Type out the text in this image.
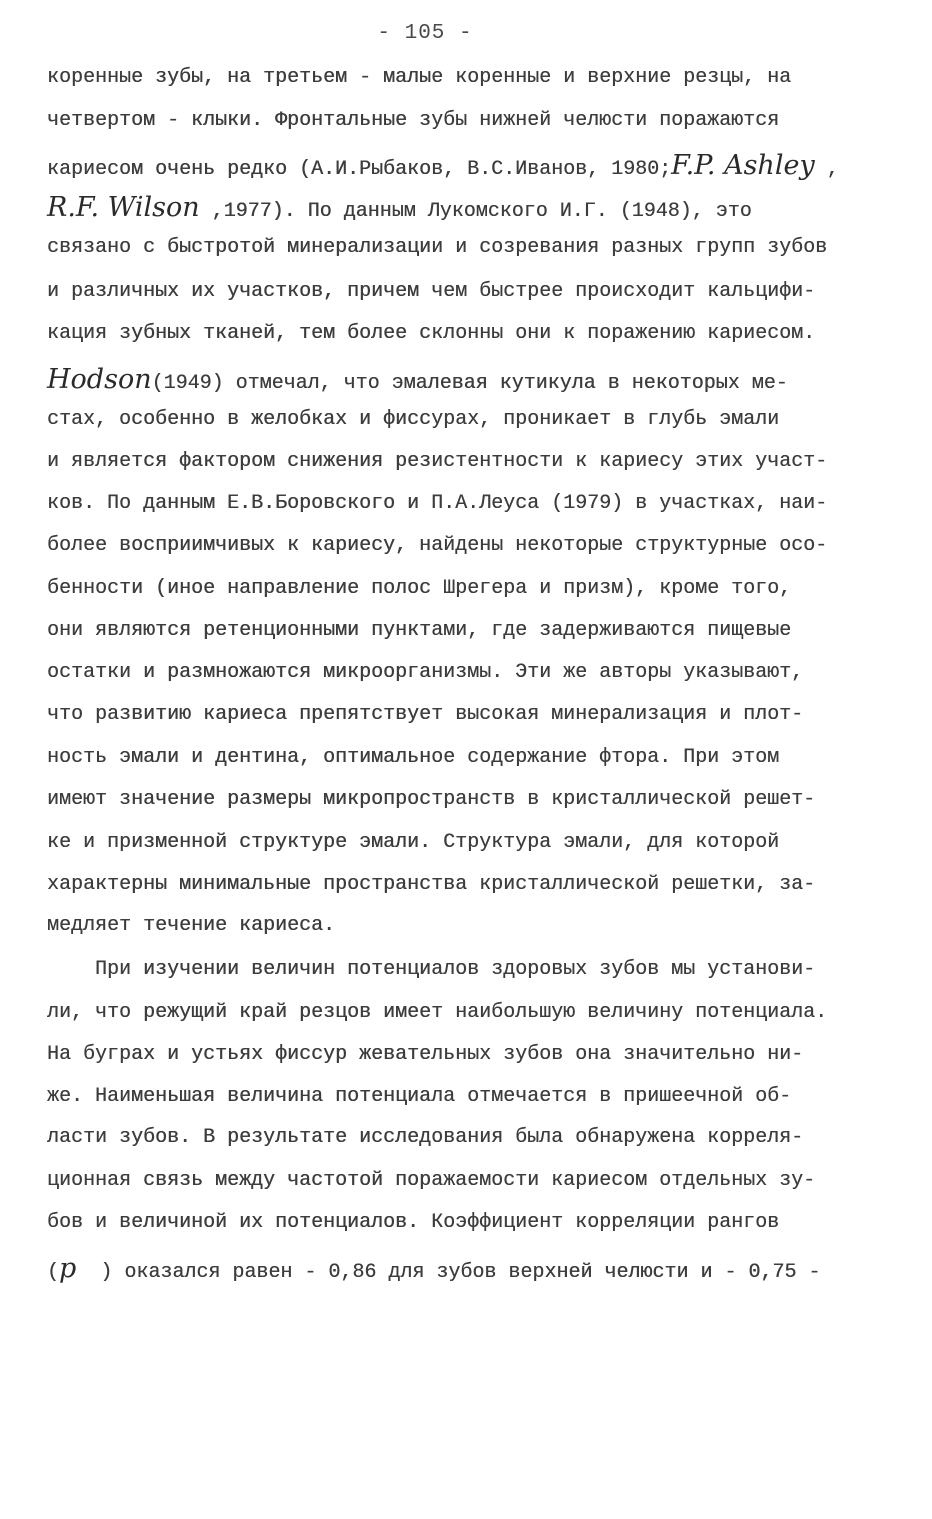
- 105 -
коренные зубы, на третьем - малые коренные и верхние резцы, на
четвертом - клыки. Фронтальные зубы нижней челюсти поражаются
кариесом очень редко (А.И.Рыбаков, В.С.Иванов, 1980;F.P. Ashley ,
R.F. Wilson ,1977). По данным Лукомского И.Г. (1948), это
связано с быстротой минерализации и созревания разных групп зубов
и различных их участков, причем чем быстрее происходит кальцифи-
кация зубных тканей, тем более склонны они к поражению кариесом.
Hodson(1949) отмечал, что эмалевая кутикула в некоторых ме-
стах, особенно в желобках и фиссурах, проникает в глубь эмали
и является фактором снижения резистентности к кариесу этих участ-
ков. По данным Е.В.Боровского и П.А.Леуса (1979) в участках, наи-
более восприимчивых к кариесу, найдены некоторые структурные осо-
бенности (иное направление полос Шрегера и призм), кроме того,
они являются ретенционными пунктами, где задерживаются пищевые
остатки и размножаются микроорганизмы. Эти же авторы указывают,
что развитию кариеса препятствует высокая минерализация и плот-
ность эмали и дентина, оптимальное содержание фтора. При этом
имеют значение размеры микропространств в кристаллической решет-
ке и призменной структуре эмали. Структура эмали, для которой
характерны минимальные пространства кристаллической решетки, за-
медляет течение кариеса.
При изучении величин потенциалов здоровых зубов мы установи-
ли, что режущий край резцов имеет наибольшую величину потенциала.
На буграх и устьях фиссур жевательных зубов она значительно ни-
же. Наименьшая величина потенциала отмечается в пришеечной об-
ласти зубов. В результате исследования была обнаружена корреля-
ционная связь между частотой поражаемости кариесом отдельных зу-
бов и величиной их потенциалов. Коэффициент корреляции рангов
(р  ) оказался равен - 0,86 для зубов верхней челюсти и - 0,75 -
